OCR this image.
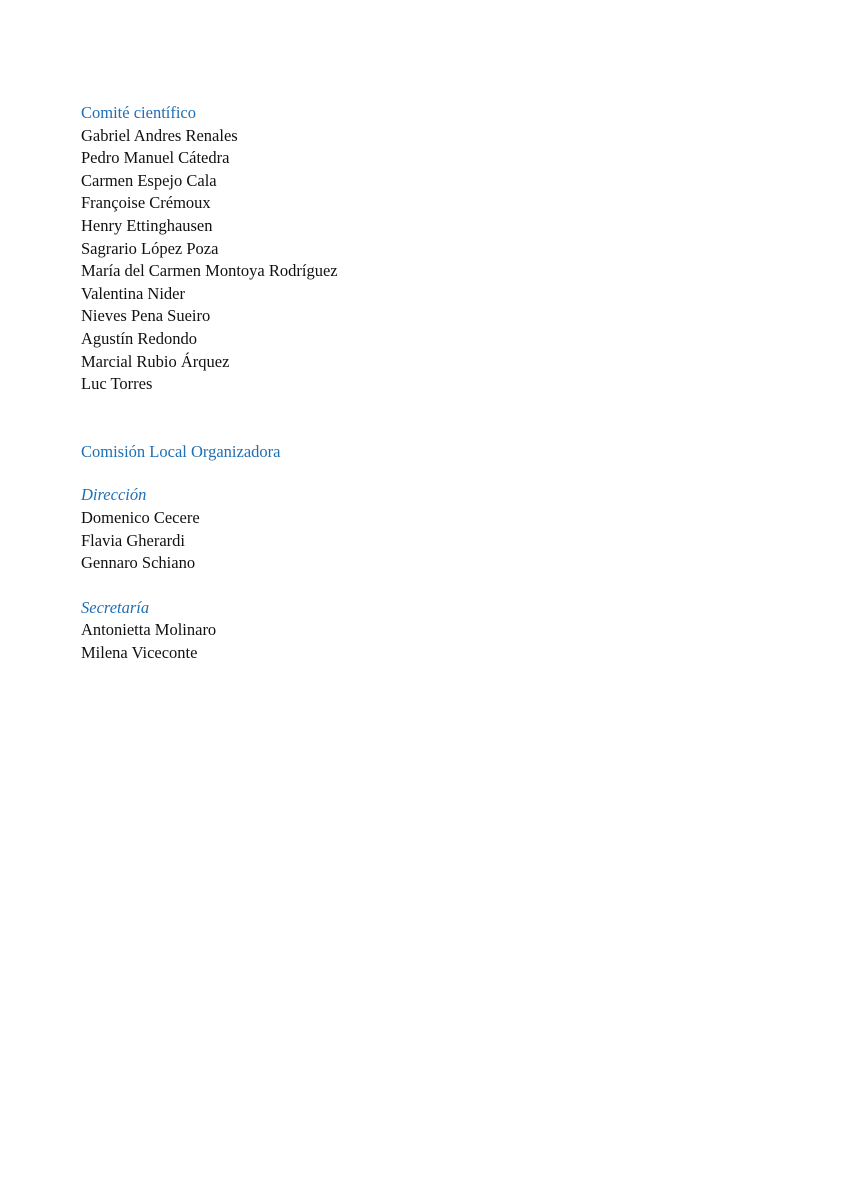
Comité científico
Gabriel Andres Renales
Pedro Manuel Cátedra
Carmen Espejo Cala
Françoise Crémoux
Henry Ettinghausen
Sagrario López Poza
María del Carmen Montoya Rodríguez
Valentina Nider
Nieves Pena Sueiro
Agustín Redondo
Marcial Rubio Árquez
Luc Torres
Comisión Local Organizadora
Dirección
Domenico Cecere
Flavia Gherardi
Gennaro Schiano
Secretaría
Antonietta Molinaro
Milena Viceconte
